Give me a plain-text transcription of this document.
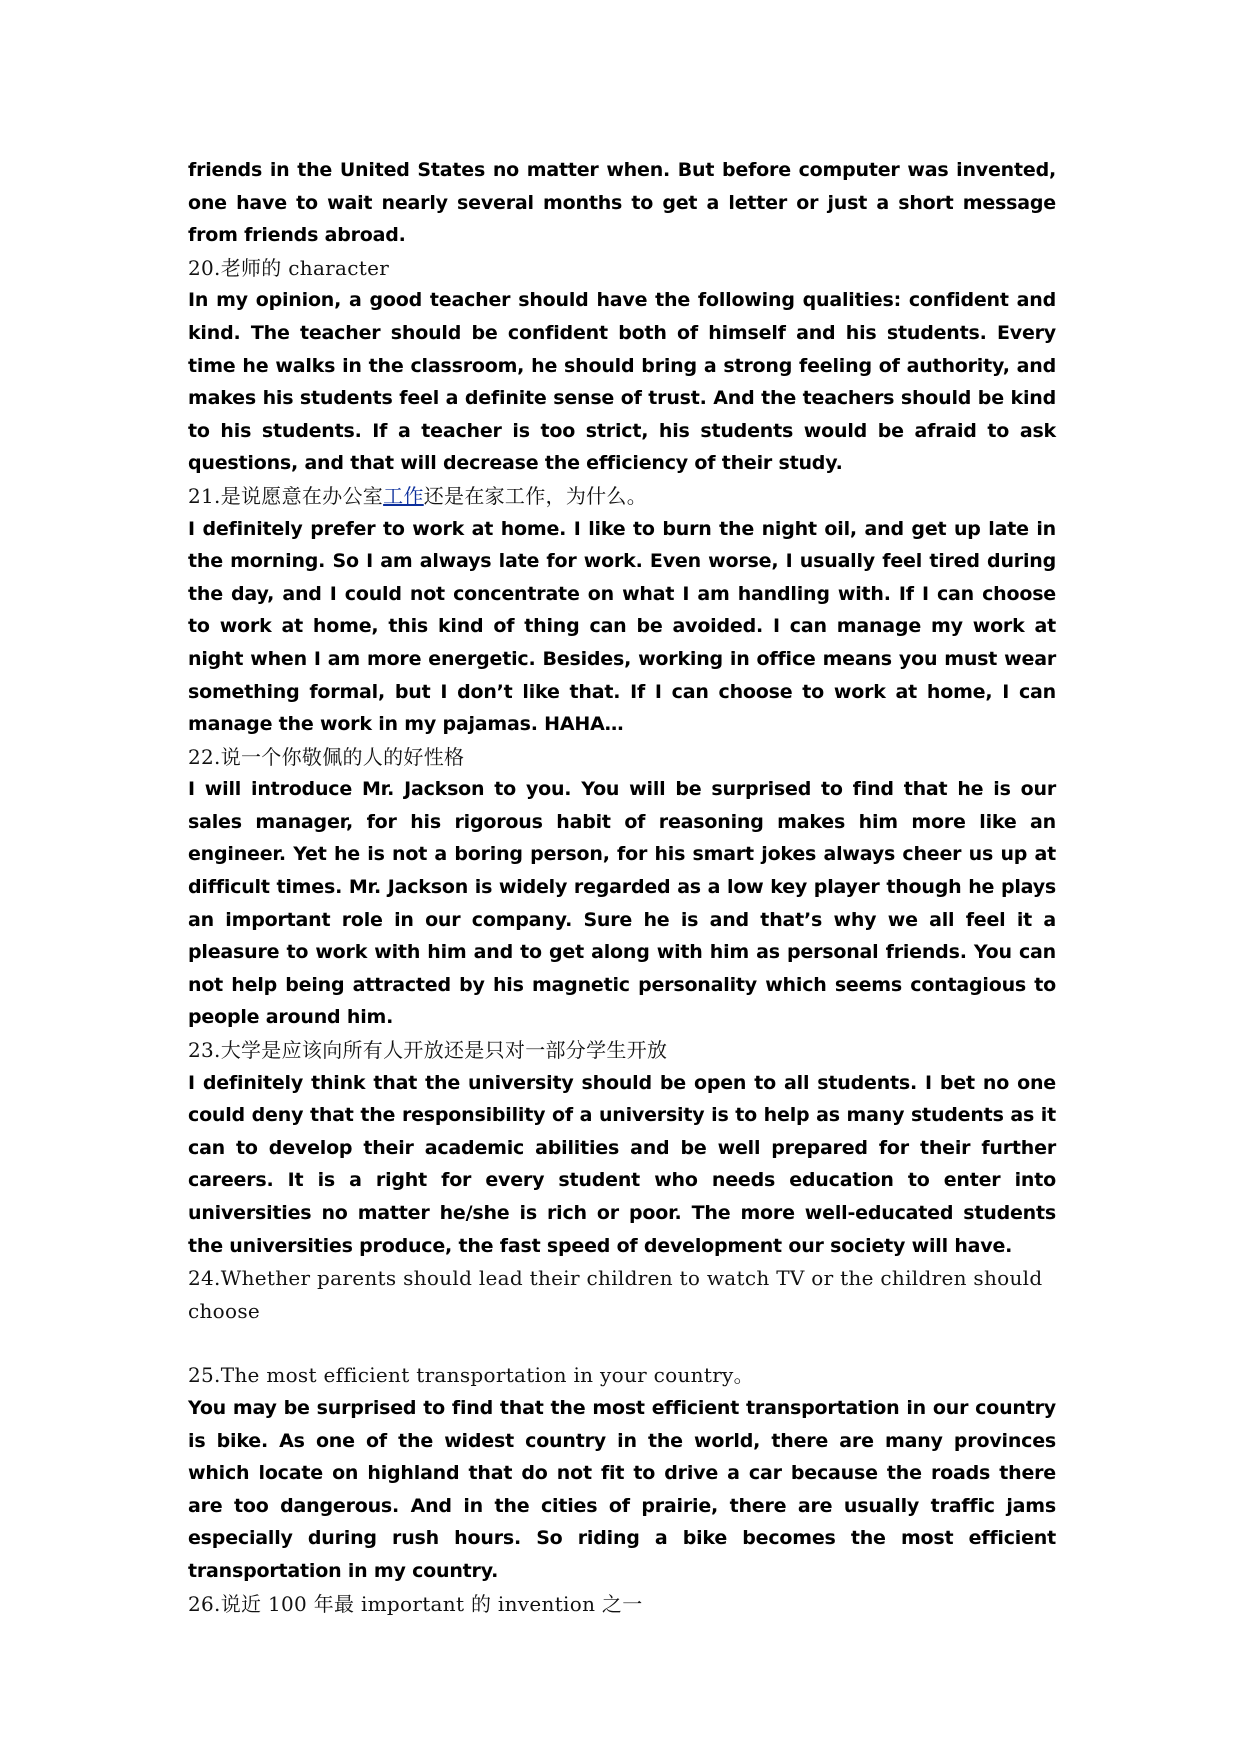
friends in the United States no matter when. But before computer was invented, one have to wait nearly several months to get a letter or just a short message from friends abroad.

20.老师的 character

In my opinion, a good teacher should have the following qualities: confident and kind. The teacher should be confident both of himself and his students. Every time he walks in the classroom, he should bring a strong feeling of authority, and makes his students feel a definite sense of trust. And the teachers should be kind to his students. If a teacher is too strict, his students would be afraid to ask questions, and that will decrease the efficiency of their study.

21.是说愿意在办公室工作还是在家工作，为什么。

I definitely prefer to work at home. I like to burn the night oil, and get up late in the morning. So I am always late for work. Even worse, I usually feel tired during the day, and I could not concentrate on what I am handling with. If I can choose to work at home, this kind of thing can be avoided. I can manage my work at night when I am more energetic. Besides, working in office means you must wear something formal, but I don’t like that. If I can choose to work at home, I can manage the work in my pajamas. HAHA…

22.说一个你敬佩的人的好性格

I will introduce Mr. Jackson to you. You will be surprised to find that he is our sales manager, for his rigorous habit of reasoning makes him more like an engineer. Yet he is not a boring person, for his smart jokes always cheer us up at difficult times. Mr. Jackson is widely regarded as a low key player though he plays an important role in our company. Sure he is and that’s why we all feel it a pleasure to work with him and to get along with him as personal friends. You can not help being attracted by his magnetic personality which seems contagious to people around him.

23.大学是应该向所有人开放还是只对一部分学生开放

I definitely think that the university should be open to all students. I bet no one could deny that the responsibility of a university is to help as many students as it can to develop their academic abilities and be well prepared for their further careers. It is a right for every student who needs education to enter into universities no matter he/she is rich or poor. The more well-educated students the universities produce, the fast speed of development our society will have.

24.Whether parents should lead their children to watch TV or the children should choose

25.The most efficient transportation in your country。

You may be surprised to find that the most efficient transportation in our country is bike. As one of the widest country in the world, there are many provinces which locate on highland that do not fit to drive a car because the roads there are too dangerous. And in the cities of prairie, there are usually traffic jams especially during rush hours. So riding a bike becomes the most efficient transportation in my country.

26.说近 100 年最 important 的 invention 之一
